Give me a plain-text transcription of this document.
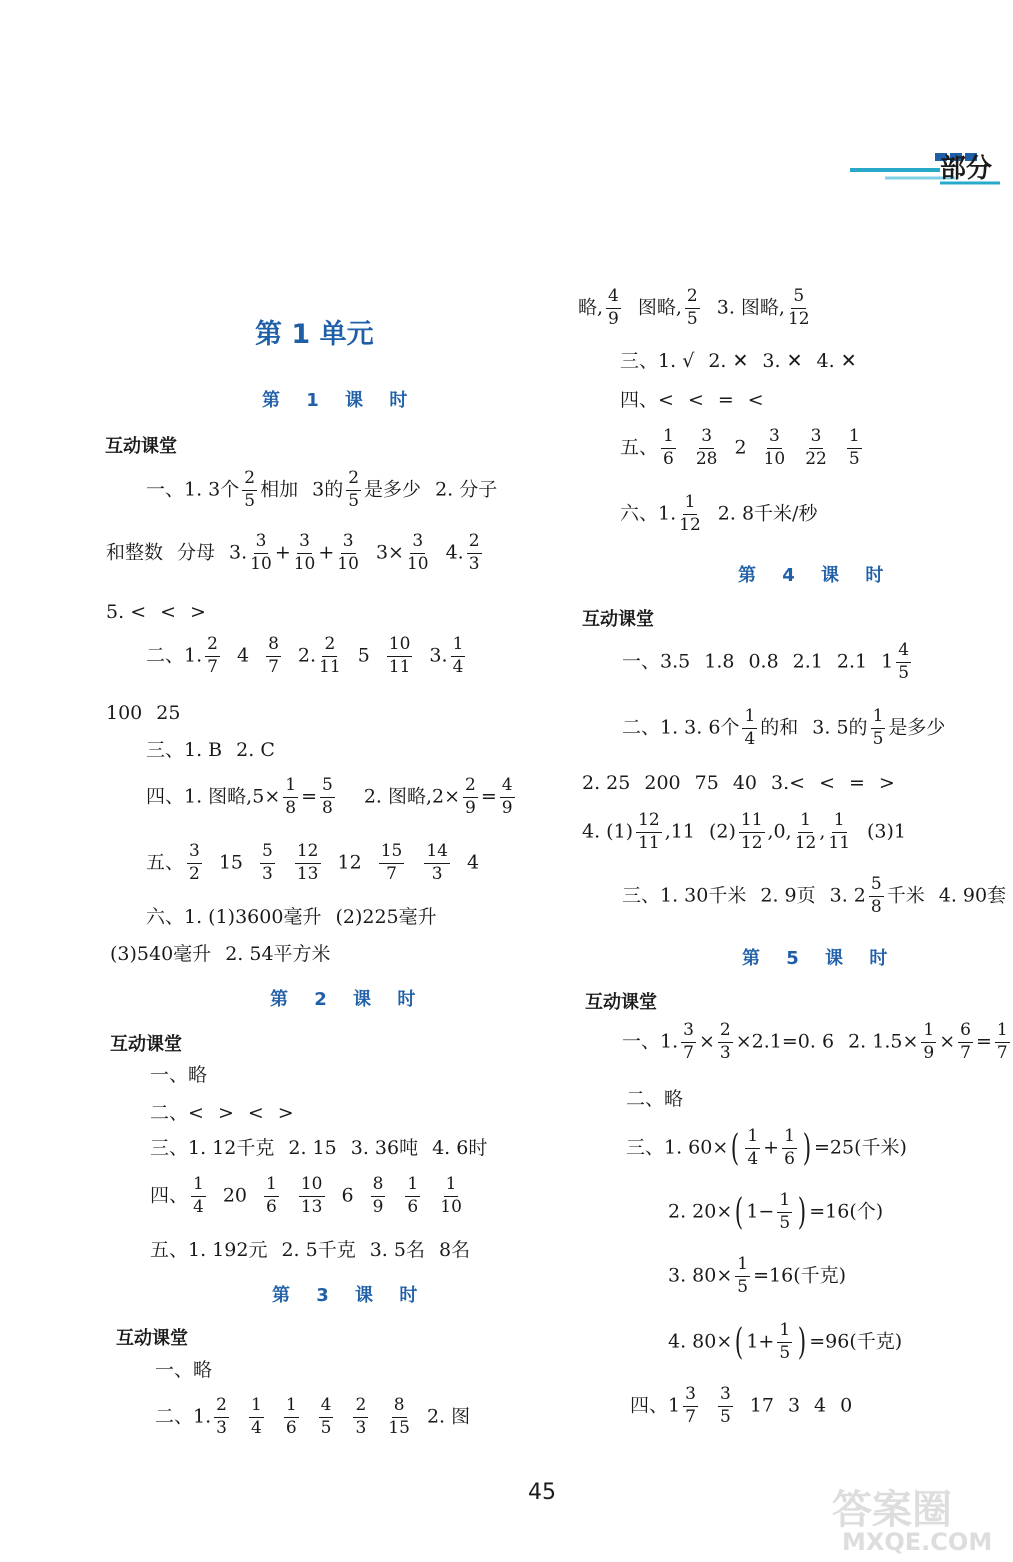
部分
第 1 单元
第 1 课 时
互动课堂
一、1. 3个 $\frac{2}{5}$ 相加 3的 $\frac{2}{5}$ 是多少 2. 分子
和整数 分母 3. $\frac{3}{10} + \frac{3}{10} + \frac{3}{10} 3\times \frac{3}{10} 4$. $\frac{2}{3}$
5. < < >
二、1. $\frac{2}{7} 4 \frac{8}{7} 2$. $\frac{2}{11} 5 \frac{10}{11} 3$. $\frac{1}{4}$
100 25
三、1. B 2. C
四、1. 图略$,5\times \frac{1}{8} = \frac{5}{8} 2$. 图略$,2\times \frac{2}{9} = \frac{4}{9}$
五、 $\frac{3}{2} 15 \frac{5}{3} \frac{12}{13} 12 \frac{15}{7} \frac{14}{3} 4$
六、1. (1)3600毫升 (2)225毫升
(3)540毫升 2. 54平方米
第 2 课 时
互动课堂
一、略
二、< > < >
三、1. 12千克 2. 15 3. 36吨 4. 6时
四、 $\frac{1}{4} 20 \frac{1}{6} \frac{10}{13} 6 \frac{8}{9} \frac{1}{6} \frac{1}{10}$
五、1. 192元 2. 5千克 3. 5名 8名
第 3 课 时
互动课堂
一、略
二、1. $\frac{2}{3} \frac{1}{4} \frac{1}{6} \frac{4}{5} \frac{2}{3} \frac{8}{15} 2$. 图
略, $\frac{4}{9}$ 图略, $\frac{2}{5} 3$. 图略, $\frac{5}{12}$
三、1. √ 2. ✕ 3. ✕ 4. ✕
四、< < = <
五、 $\frac{1}{6} \frac{3}{28} 2 \frac{3}{10} \frac{3}{22} \frac{1}{5}$
六、1. $\frac{1}{12} 2$. 8千米/秒
第 4 课 时
互动课堂
一、3.5 1.8 0.8 2.1 2.1 $1 \frac{4}{5}$
二、1. 3. 6个 $\frac{1}{4}$ 的和 3. 5的 $\frac{1}{5}$ 是多少
2. 25 200 75 40 3.< < = >
4. $(1) \frac{12}{11} ,11$ $(2) \frac{11}{12} ,0$, $\frac{1}{12}$ , $\frac{1}{11} (3)1$
三、1. 30千米 2. 9页 3. $2 \frac{5}{8}$ 千米 4. 90套
第 5 课 时
互动课堂
一、1. $\frac{3}{7} \times \frac{2}{3} \times 2.1=0$. 6 2. $1.5\times \frac{1}{9} \times \frac{6}{7} = \frac{1}{7}$
二、略
三、1. $60\times( \frac{1}{4} + \frac{1}{6}$ ) =25(千米)
2. 20×( $1- \frac{1}{5}$ ) =16(个)
3. $80\times \frac{1}{5} =16$(千克)
4. 80×( $1+ \frac{1}{5}$ ) =96(千克)
四、$1 \frac{3}{7} \frac{3}{5} 17$ 3 4 0
45	答案圈
MXQE.COM
